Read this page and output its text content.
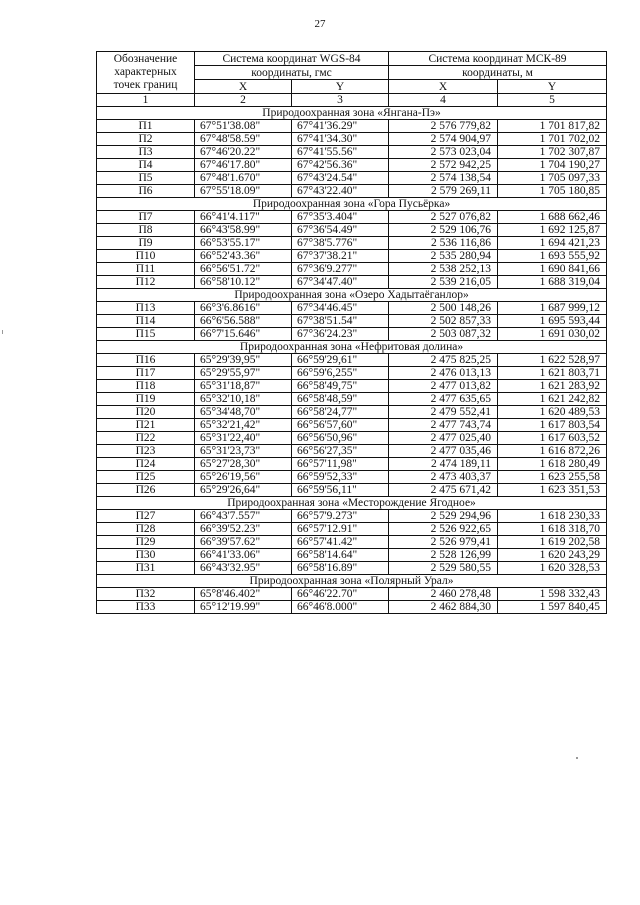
27
Обозначение
характерных
точек границ	Система координат WGS-84		Система координат МСК-89	
	координаты, гмс		координаты, м	
	X	Y	X	Y
1	2	3	4	5
Природоохранная зона «Янгана-Пэ»				
П1	67°51'38.08"	67°41'36.29"	2 576 779,82	1 701 817,82
П2	67°48'58.59"	67°41'34.30"	2 574 904,97	1 701 702,02
П3	67°46'20.22"	67°41'55.56"	2 573 023,04	1 702 307,87
П4	67°46'17.80"	67°42'56.36"	2 572 942,25	1 704 190,27
П5	67°48'1.670"	67°43'24.54"	2 574 138,54	1 705 097,33
П6	67°55'18.09"	67°43'22.40"	2 579 269,11	1 705 180,85
Природоохранная зона «Гора Пусьёрка»				
П7	66°41'4.117"	67°35'3.404"	2 527 076,82	1 688 662,46
П8	66°43'58.99"	67°36'54.49"	2 529 106,76	1 692 125,87
П9	66°53'55.17"	67°38'5.776"	2 536 116,86	1 694 421,23
П10	66°52'43.36"	67°37'38.21"	2 535 280,94	1 693 555,92
П11	66°56'51.72"	67°36'9.277"	2 538 252,13	1 690 841,66
П12	66°58'10.12"	67°34'47.40"	2 539 216,05	1 688 319,04
Природоохранная зона «Озеро Хадытаёганлор»				
П13	66°3'6.8616"	67°34'46.45"	2 500 148,26	1 687 999,12
П14	66°6'56.588"	67°38'51.54"	2 502 857,33	1 695 593,44
П15	66°7'15.646"	67°36'24.23"	2 503 087,32	1 691 030,02
Природоохранная зона «Нефритовая долина»				
П16	65°29'39,95"	66°59'29,61"	2 475 825,25	1 622 528,97
П17	65°29'55,97"	66°59'6,255"	2 476 013,13	1 621 803,71
П18	65°31'18,87"	66°58'49,75"	2 477 013,82	1 621 283,92
П19	65°32'10,18"	66°58'48,59"	2 477 635,65	1 621 242,82
П20	65°34'48,70"	66°58'24,77"	2 479 552,41	1 620 489,53
П21	65°32'21,42"	66°56'57,60"	2 477 743,74	1 617 803,54
П22	65°31'22,40"	66°56'50,96"	2 477 025,40	1 617 603,52
П23	65°31'23,73"	66°56'27,35"	2 477 035,46	1 616 872,26
П24	65°27'28,30"	66°57'11,98"	2 474 189,11	1 618 280,49
П25	65°26'19,56"	66°59'52,33"	2 473 403,37	1 623 255,58
П26	65°29'26,64"	66°59'56,11"	2 475 671,42	1 623 351,53
Природоохранная зона «Месторождение Ягодное»				
П27	66°43'7.557"	66°57'9.273"	2 529 294,96	1 618 230,33
П28	66°39'52.23"	66°57'12.91"	2 526 922,65	1 618 318,70
П29	66°39'57.62"	66°57'41.42"	2 526 979,41	1 619 202,58
П30	66°41'33.06"	66°58'14.64"	2 528 126,99	1 620 243,29
П31	66°43'32.95"	66°58'16.89"	2 529 580,55	1 620 328,53
Природоохранная зона «Полярный Урал»				
П32	65°8'46.402"	66°46'22.70"	2 460 278,48	1 598 332,43
П33	65°12'19.99"	66°46'8.000"	2 462 884,30	1 597 840,45
